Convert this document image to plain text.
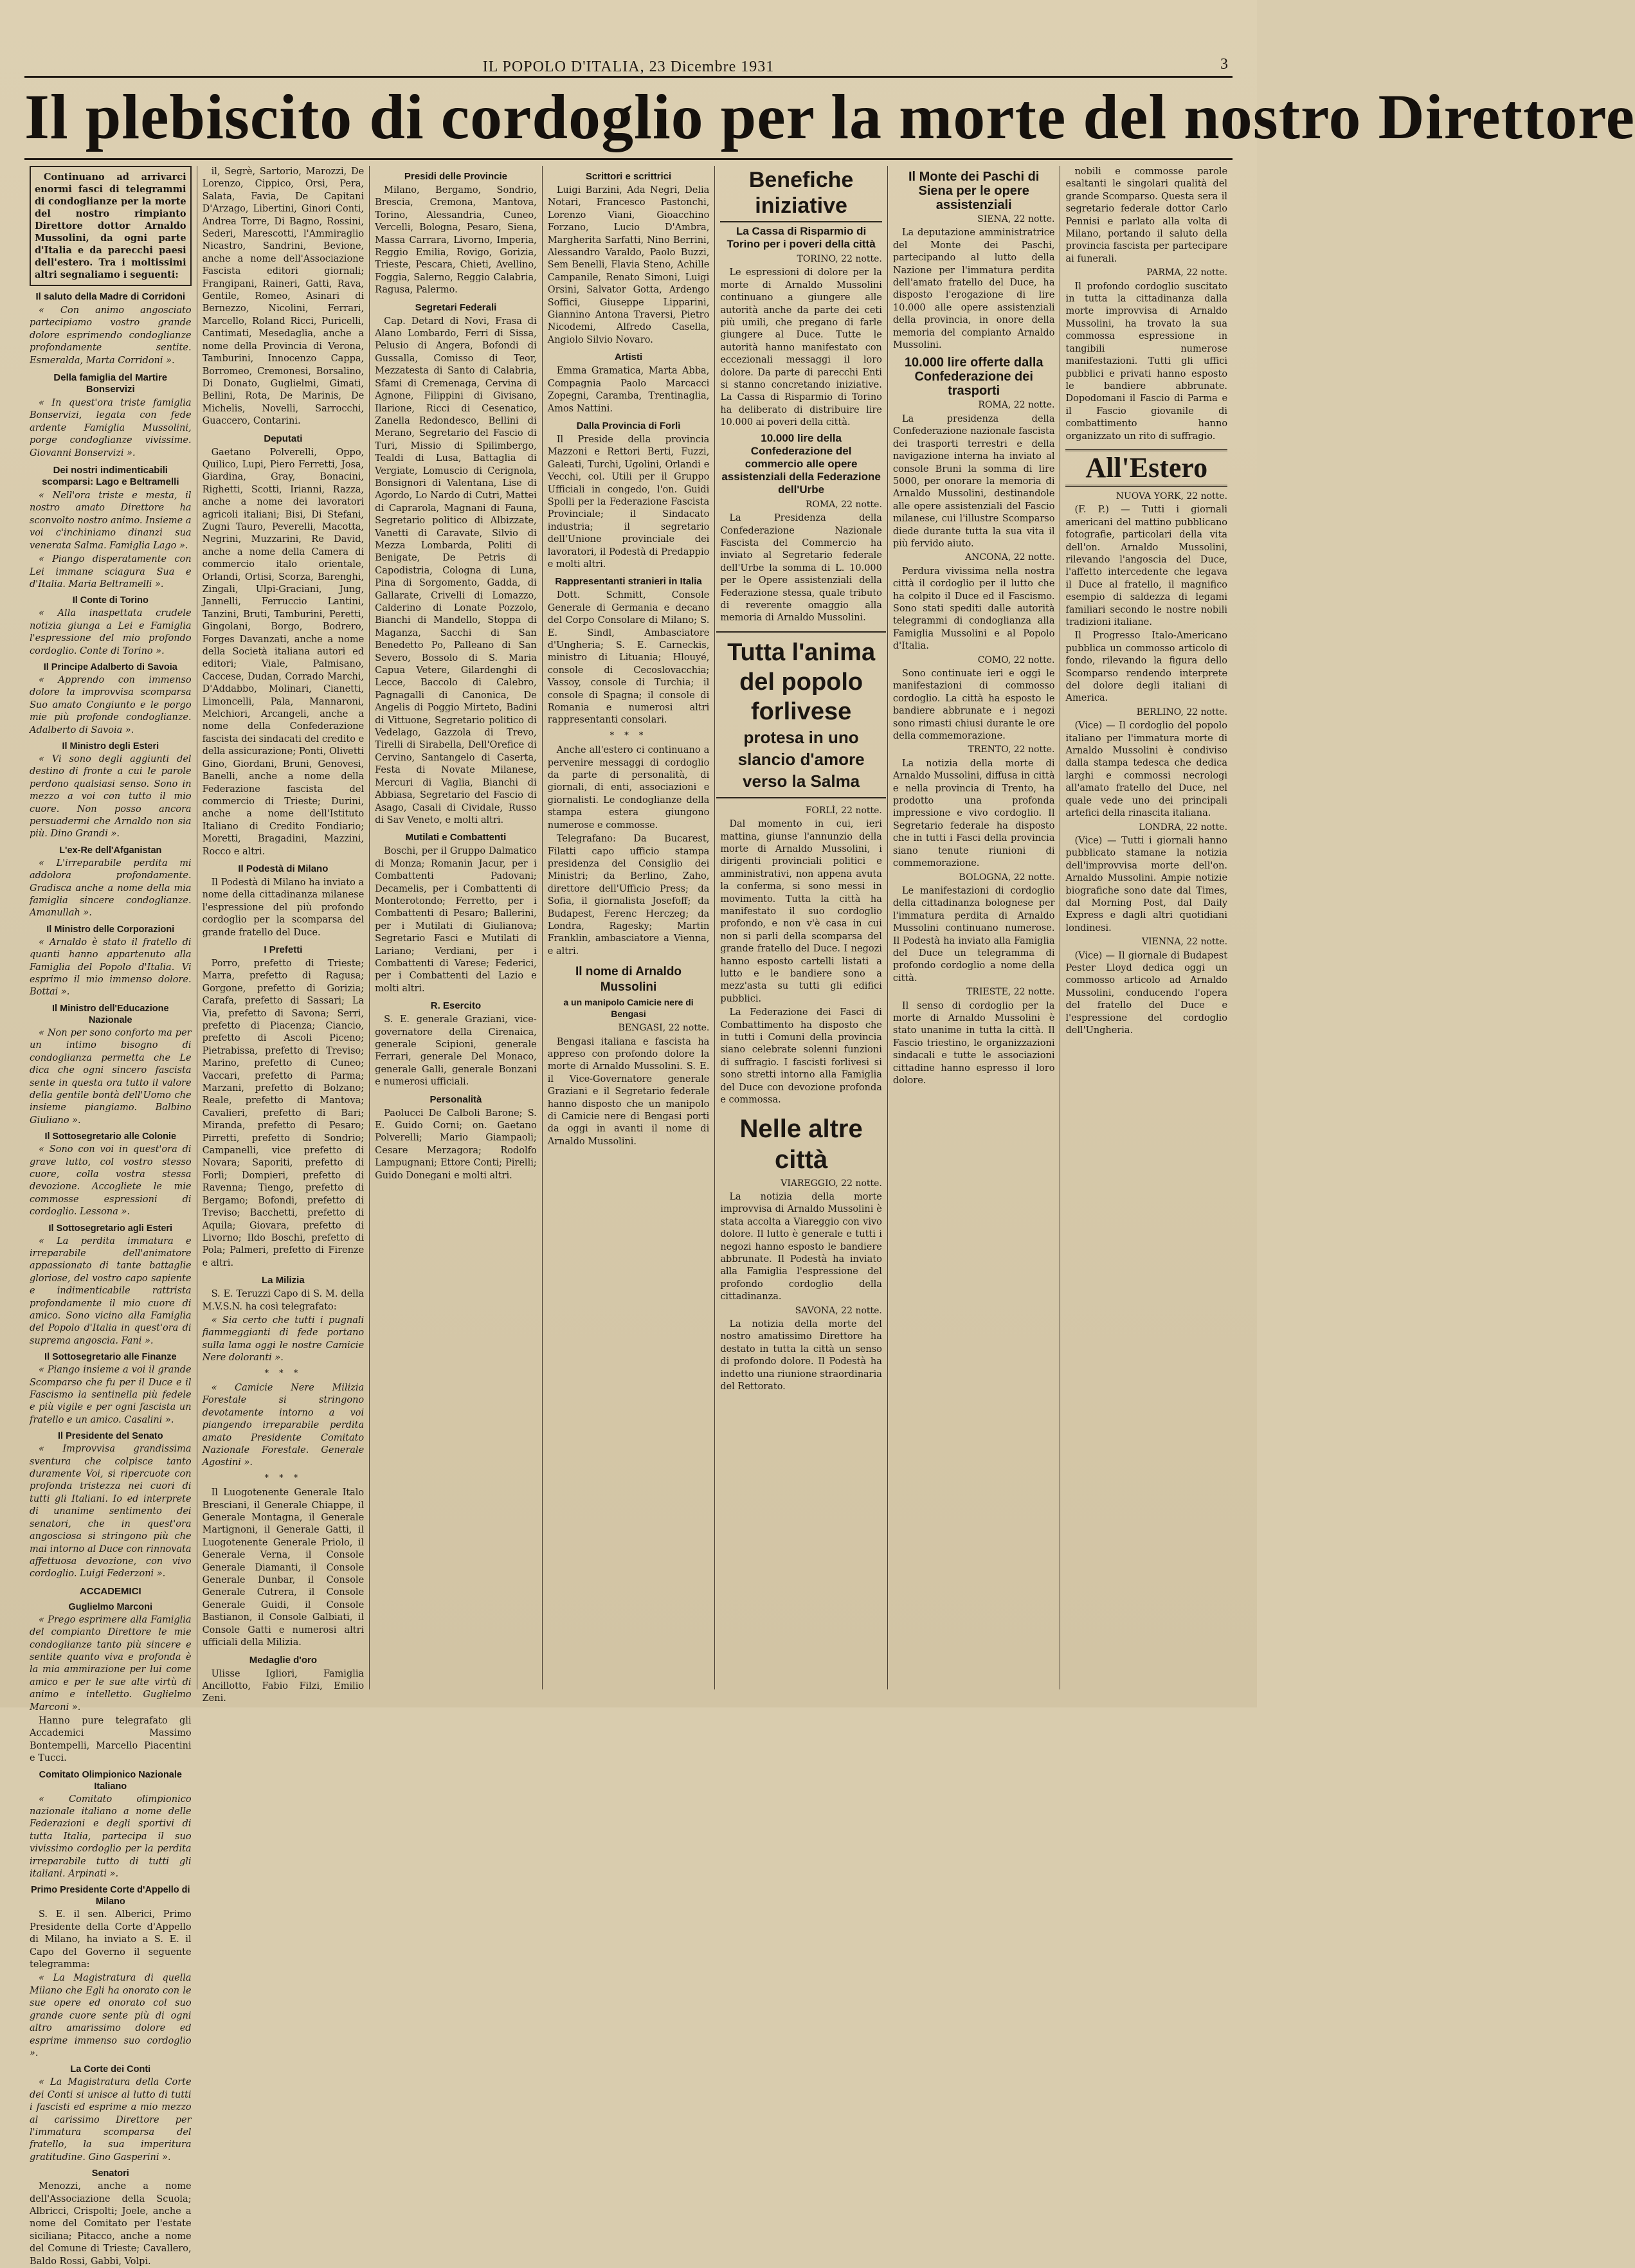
IL POPOLO D'ITALIA, 23 Dicembre 1931	3
Il plebiscito di cordoglio per la morte del nostro Direttore

Continuano ad arrivarci enormi fasci di telegrammi di condoglianze per la morte del nostro rimpianto Direttore dottor Arnaldo Mussolini, da ogni parte d'Italia e da parecchi paesi dell'estero. Tra i moltissimi altri segnaliamo i seguenti:

Il saluto della Madre di Corridoni

« Con animo angosciato partecipiamo vostro grande dolore esprimendo condoglianze profondamente sentite. Esmeralda, Marta Corridoni ».

Della famiglia del Martire Bonservizi

« In quest'ora triste famiglia Bonservizi, legata con fede ardente Famiglia Mussolini, porge condoglianze vivissime. Giovanni Bonservizi ».

Dei nostri indimenticabili scomparsi: Lago e Beltramelli

« Nell'ora triste e mesta, il nostro amato Direttore ha sconvolto nostro animo. Insieme a voi c'inchiniamo dinanzi sua venerata Salma. Famiglia Lago ».

« Piango disperatamente con Lei immane sciagura Sua e d'Italia. Maria Beltramelli ».

Il Conte di Torino

« Alla inaspettata crudele notizia giunga a Lei e Famiglia l'espressione del mio profondo cordoglio. Conte di Torino ».

Il Principe Adalberto di Savoia

« Apprendo con immenso dolore la improvvisa scomparsa Suo amato Congiunto e le porgo mie più profonde condoglianze. Adalberto di Savoia ».

Il Ministro degli Esteri

« Vi sono degli aggiunti del destino di fronte a cui le parole perdono qualsiasi senso. Sono in mezzo a voi con tutto il mio cuore. Non posso ancora persuadermi che Arnaldo non sia più. Dino Grandi ».

L'ex-Re dell'Afganistan

« L'irreparabile perdita mi addolora profondamente. Gradisca anche a nome della mia famiglia sincere condoglianze. Amanullah ».

Il Ministro delle Corporazioni

« Arnaldo è stato il fratello di quanti hanno appartenuto alla Famiglia del Popolo d'Italia. Vi esprimo il mio immenso dolore. Bottai ».

Il Ministro dell'Educazione Nazionale

« Non per sono conforto ma per un intimo bisogno di condoglianza permetta che Le dica che ogni sincero fascista sente in questa ora tutto il valore della gentile bontà dell'Uomo che insieme piangiamo. Balbino Giuliano ».

Il Sottosegretario alle Colonie

« Sono con voi in quest'ora di grave lutto, col vostro stesso cuore, colla vostra stessa devozione. Accogliete le mie commosse espressioni di cordoglio. Lessona ».

Il Sottosegretario agli Esteri

« La perdita immatura e irreparabile dell'animatore appassionato di tante battaglie gloriose, del vostro capo sapiente e indimenticabile rattrista profondamente il mio cuore di amico. Sono vicino alla Famiglia del Popolo d'Italia in quest'ora di suprema angoscia. Fani ».

Il Sottosegretario alle Finanze

« Piango insieme a voi il grande Scomparso che fu per il Duce e il Fascismo la sentinella più fedele e più vigile e per ogni fascista un fratello e un amico. Casalini ».

Il Presidente del Senato

« Improvvisa grandissima sventura che colpisce tanto duramente Voi, si ripercuote con profonda tristezza nei cuori di tutti gli Italiani. Io ed interprete di unanime sentimento dei senatori, che in quest'ora angosciosa si stringono più che mai intorno al Duce con rinnovata affettuosa devozione, con vivo cordoglio. Luigi Federzoni ».

ACCADEMICI
Guglielmo Marconi

« Prego esprimere alla Famiglia del compianto Direttore le mie condoglianze tanto più sincere e sentite quanto viva e profonda è la mia ammirazione per lui come amico e per le sue alte virtù di animo e intelletto. Guglielmo Marconi ».

Hanno pure telegrafato gli Accademici Massimo Bontempelli, Marcello Piacentini e Tucci.

Comitato Olimpionico Nazionale Italiano

« Comitato olimpionico nazionale italiano a nome delle Federazioni e degli sportivi di tutta Italia, partecipa il suo vivissimo cordoglio per la perdita irreparabile tutto di tutti gli italiani. Arpinati ».

Primo Presidente Corte d'Appello di Milano

S. E. il sen. Alberici, Primo Presidente della Corte d'Appello di Milano, ha inviato a S. E. il Capo del Governo il seguente telegramma:

« La Magistratura di quella Milano che Egli ha onorato con le sue opere ed onorato col suo grande cuore sente più di ogni altro amarissimo dolore ed esprime immenso suo cordoglio ».

La Corte dei Conti

« La Magistratura della Corte dei Conti si unisce al lutto di tutti i fascisti ed esprime a mio mezzo al carissimo Direttore per l'immatura scomparsa del fratello, la sua imperitura gratitudine. Gino Gasperini ».

Senatori

Menozzi, anche a nome dell'Associazione della Scuola; Albricci, Crispolti; Joele, anche a nome del Comitato per l'estate siciliana; Pitacco, anche a nome del Comune di Trieste; Cavallero, Baldo Rossi, Gabbi, Volpi.

il, Segrè, Sartorio, Marozzi, De Lorenzo, Cippico, Orsi, Pera, Salata, Favia, De Capitani D'Arzago, Libertini, Ginori Conti, Andrea Torre, Di Bagno, Rossini, Sederi, Marescotti, l'Ammiraglio Nicastro, Sandrini, Bevione, anche a nome dell'Associazione Fascista editori giornali; Frangipani, Raineri, Gatti, Rava, Gentile, Romeo, Asinari di Bernezzo, Nicolini, Ferrari, Marcello, Roland Ricci, Puricelli, Cantimati, Mesedaglia, anche a nome della Provincia di Verona, Tamburini, Innocenzo Cappa, Borromeo, Cremonesi, Borsalino, Di Donato, Guglielmi, Gimati, Bellini, Rota, De Marinis, De Michelis, Novelli, Sarrocchi, Guaccero, Contarini.

Deputati

Gaetano Polverelli, Oppo, Quilico, Lupi, Piero Ferretti, Josa, Giardina, Gray, Bonacini, Righetti, Scotti, Irianni, Razza, anche a nome dei lavoratori agricoli italiani; Bisi, Di Stefani, Zugni Tauro, Peverelli, Macotta, Negrini, Muzzarini, Re David, anche a nome della Camera di commercio italo orientale, Orlandi, Ortisi, Scorza, Barenghi, Zingali, Ulpi-Graciani, Jung, Jannelli, Ferruccio Lantini, Tanzini, Bruti, Tamburini, Peretti, Gingolani, Borgo, Bodrero, Forges Davanzati, anche a nome della Società italiana autori ed editori; Viale, Palmisano, Caccese, Dudan, Corrado Marchi, D'Addabbo, Molinari, Cianetti, Limoncelli, Pala, Mannaroni, Melchiori, Arcangeli, anche a nome della Confederazione fascista dei sindacati del credito e della assicurazione; Ponti, Olivetti Gino, Giordani, Bruni, Genovesi, Banelli, anche a nome della Federazione fascista del commercio di Trieste; Durini, anche a nome dell'Istituto Italiano di Credito Fondiario; Moretti, Bragadini, Mazzini, Rocco e altri.

Il Podestà di Milano

Il Podestà di Milano ha inviato a nome della cittadinanza milanese l'espressione del più profondo cordoglio per la scomparsa del grande fratello del Duce.

I Prefetti

Porro, prefetto di Trieste; Marra, prefetto di Ragusa; Gorgone, prefetto di Gorizia; Carafa, prefetto di Sassari; La Via, prefetto di Savona; Serri, prefetto di Piacenza; Ciancio, prefetto di Ascoli Piceno; Pietrabissa, prefetto di Treviso; Marino, prefetto di Cuneo; Vaccari, prefetto di Parma; Marzani, prefetto di Bolzano; Reale, prefetto di Mantova; Cavalieri, prefetto di Bari; Miranda, prefetto di Pesaro; Pirretti, prefetto di Sondrio; Campanelli, vice prefetto di Novara; Saporiti, prefetto di Forlì; Dompieri, prefetto di Ravenna; Tiengo, prefetto di Bergamo; Bofondi, prefetto di Treviso; Bacchetti, prefetto di Aquila; Giovara, prefetto di Livorno; Ildo Boschi, prefetto di Pola; Palmeri, prefetto di Firenze e altri.

La Milizia

S. E. Teruzzi Capo di S. M. della M.V.S.N. ha così telegrafato:

« Sia certo che tutti i pugnali fiammeggianti di fede portano sulla lama oggi le nostre Camicie Nere doloranti ».

* * *

« Camicie Nere Milizia Forestale si stringono devotamente intorno a voi piangendo irreparabile perdita amato Presidente Comitato Nazionale Forestale. Generale Agostini ».

* * *

Il Luogotenente Generale Italo Bresciani, il Generale Chiappe, il Generale Montagna, il Generale Martignoni, il Generale Gatti, il Luogotenente Generale Priolo, il Generale Verna, il Console Generale Diamanti, il Console Generale Dunbar, il Console Generale Cutrera, il Console Generale Guidi, il Console Bastianon, il Console Galbiati, il Console Gatti e numerosi altri ufficiali della Milizia.

Medaglie d'oro

Ulisse Igliori, Famiglia Ancillotto, Fabio Filzi, Emilio Zeni.

Presidi delle Provincie

Milano, Bergamo, Sondrio, Brescia, Cremona, Mantova, Torino, Alessandria, Cuneo, Vercelli, Bologna, Pesaro, Siena, Massa Carrara, Livorno, Imperia, Reggio Emilia, Rovigo, Gorizia, Trieste, Pescara, Chieti, Avellino, Foggia, Salerno, Reggio Calabria, Ragusa, Palermo.

Segretari Federali

Cap. Detard di Novi, Frasa di Alano Lombardo, Ferri di Sissa, Pelusio di Angera, Bofondi di Gussalla, Comisso di Teor, Mezzatesta di Santo di Calabria, Sfami di Cremenaga, Cervina di Agnone, Filippini di Givisano, Ilarione, Ricci di Cesenatico, Zanella Redondesco, Bellini di Merano, Segretario del Fascio di Turi, Missio di Spilimbergo, Tealdi di Lusa, Battaglia di Vergiate, Lomuscio di Cerignola, Bonsignori di Valentana, Lise di Agordo, Lo Nardo di Cutri, Mattei di Caprarola, Magnani di Fauna, Segretario politico di Albizzate, Vanetti di Caravate, Silvio di Mezza Lombarda, Politi di Benigate, De Petris di Capodistria, Cologna di Luna, Pina di Sorgomento, Gadda, di Gallarate, Crivelli di Lomazzo, Calderino di Lonate Pozzolo, Bianchi di Mandello, Stoppa di Maganza, Sacchi di San Benedetto Po, Palleano di San Severo, Bossolo di S. Maria Capua Vetere, Gilardenghi di Lecce, Baccolo di Calebro, Pagnagalli di Canonica, De Angelis di Poggio Mirteto, Badini di Vittuone, Segretario politico di Vedelago, Gazzola di Trevo, Tirelli di Sirabella, Dell'Orefice di Cervino, Santangelo di Caserta, Festa di Novate Milanese, Mercuri di Vaglia, Bianchi di Abbiasa, Segretario del Fascio di Asago, Casali di Cividale, Russo di Sav Veneto, e molti altri.

Mutilati e Combattenti

Boschi, per il Gruppo Dalmatico di Monza; Romanin Jacur, per i Combattenti Padovani; Decamelis, per i Combattenti di Monterotondo; Ferretto, per i Combattenti di Pesaro; Ballerini, per i Mutilati di Giulianova; Segretario Fasci e Mutilati di Lariano; Verdiani, per i Combattenti di Varese; Federici, per i Combattenti del Lazio e molti altri.

R. Esercito

S. E. generale Graziani, vice-governatore della Cirenaica, generale Scipioni, generale Ferrari, generale Del Monaco, generale Galli, generale Bonzani e numerosi ufficiali.

Personalità

Paolucci De Calboli Barone; S. E. Guido Corni; on. Gaetano Polverelli; Mario Giampaoli; Cesare Merzagora; Rodolfo Lampugnani; Ettore Conti; Pirelli; Guido Donegani e molti altri.

Scrittori e scrittrici

Luigi Barzini, Ada Negri, Delia Notari, Francesco Pastonchi, Lorenzo Viani, Gioacchino Forzano, Lucio D'Ambra, Margherita Sarfatti, Nino Berrini, Alessandro Varaldo, Paolo Buzzi, Sem Benelli, Flavia Steno, Achille Campanile, Renato Simoni, Luigi Orsini, Salvator Gotta, Ardengo Soffici, Giuseppe Lipparini, Giannino Antona Traversi, Pietro Nicodemi, Alfredo Casella, Angiolo Silvio Novaro.

Artisti

Emma Gramatica, Marta Abba, Compagnia Paolo Marcacci Zopegni, Caramba, Trentinaglia, Amos Nattini.

Dalla Provincia di Forlì

Il Preside della provincia Mazzoni e Rettori Berti, Fuzzi, Galeati, Turchi, Ugolini, Orlandi e Vecchi, col. Utili per il Gruppo Ufficiali in congedo, l'on. Guidi Spolli per la Federazione Fascista Provinciale; il Sindacato industria; il segretario dell'Unione provinciale dei lavoratori, il Podestà di Predappio e molti altri.

Rappresentanti stranieri in Italia

Dott. Schmitt, Console Generale di Germania e decano del Corpo Consolare di Milano; S. E. Sindl, Ambasciatore d'Ungheria; S. E. Carneckis, ministro di Lituania; Hlouyé, console di Cecoslovacchia; Vassoy, console di Turchia; il console di Spagna; il console di Romania e numerosi altri rappresentanti consolari.

* * *

Anche all'estero ci continuano a pervenire messaggi di cordoglio da parte di personalità, di giornali, di enti, associazioni e giornalisti. Le condoglianze della stampa estera giungono numerose e commosse.

Telegrafano: Da Bucarest, Filatti capo ufficio stampa presidenza del Consiglio dei Ministri; da Berlino, Zaho, direttore dell'Ufficio Press; da Sofia, il giornalista Josefoff; da Budapest, Ferenc Herczeg; da Londra, Ragesky; Martin Franklin, ambasciatore a Vienna, e altri.

Il nome di Arnaldo Mussolini
a un manipolo Camicie nere di Bengasi
BENGASI, 22 notte.

Bengasi italiana e fascista ha appreso con profondo dolore la morte di Arnaldo Mussolini. S. E. il Vice-Governatore generale Graziani e il Segretario federale hanno disposto che un manipolo di Camicie nere di Bengasi porti da oggi in avanti il nome di Arnaldo Mussolini.

Benefiche iniziative
La Cassa di Risparmio di Torino per i poveri della città
TORINO, 22 notte.

Le espressioni di dolore per la morte di Arnaldo Mussolini continuano a giungere alle autorità anche da parte dei ceti più umili, che pregano di farle giungere al Duce. Tutte le autorità hanno manifestato con eccezionali messaggi il loro dolore. Da parte di parecchi Enti si stanno concretando iniziative. La Cassa di Risparmio di Torino ha deliberato di distribuire lire 10.000 ai poveri della città.

10.000 lire della Confederazione del commercio alle opere assistenziali della Federazione dell'Urbe
ROMA, 22 notte.

La Presidenza della Confederazione Nazionale Fascista del Commercio ha inviato al Segretario federale dell'Urbe la somma di L. 10.000 per le Opere assistenziali della Federazione stessa, quale tributo di reverente omaggio alla memoria di Arnaldo Mussolini.

Tutta l'anima del popolo forlivese
protesa in uno slancio d'amore verso la Salma
FORLÌ, 22 notte.

Dal momento in cui, ieri mattina, giunse l'annunzio della morte di Arnaldo Mussolini, i dirigenti provinciali politici e amministrativi, non appena avuta la conferma, si sono messi in movimento. Tutta la città ha manifestato il suo cordoglio profondo, e non v'è casa in cui non si parli della scomparsa del grande fratello del Duce. I negozi hanno esposto cartelli listati a lutto e le bandiere sono a mezz'asta su tutti gli edifici pubblici.

La Federazione dei Fasci di Combattimento ha disposto che in tutti i Comuni della provincia siano celebrate solenni funzioni di suffragio. I fascisti forlivesi si sono stretti intorno alla Famiglia del Duce con devozione profonda e commossa.

Nelle altre città
VIAREGGIO, 22 notte.

La notizia della morte improvvisa di Arnaldo Mussolini è stata accolta a Viareggio con vivo dolore. Il lutto è generale e tutti i negozi hanno esposto le bandiere abbrunate. Il Podestà ha inviato alla Famiglia l'espressione del profondo cordoglio della cittadinanza.

SAVONA, 22 notte.

La notizia della morte del nostro amatissimo Direttore ha destato in tutta la città un senso di profondo dolore. Il Podestà ha indetto una riunione straordinaria del Rettorato.

Il Monte dei Paschi di Siena per le opere assistenziali
SIENA, 22 notte.

La deputazione amministratrice del Monte dei Paschi, partecipando al lutto della Nazione per l'immatura perdita dell'amato fratello del Duce, ha disposto l'erogazione di lire 10.000 alle opere assistenziali della provincia, in onore della memoria del compianto Arnaldo Mussolini.

10.000 lire offerte dalla Confederazione dei trasporti
ROMA, 22 notte.

La presidenza della Confederazione nazionale fascista dei trasporti terrestri e della navigazione interna ha inviato al console Bruni la somma di lire 5000, per onorare la memoria di Arnaldo Mussolini, destinandole alle opere assistenziali del Fascio milanese, cui l'illustre Scomparso diede durante tutta la sua vita il più fervido aiuto.

ANCONA, 22 notte.

Perdura vivissima nella nostra città il cordoglio per il lutto che ha colpito il Duce ed il Fascismo. Sono stati spediti dalle autorità telegrammi di condoglianza alla Famiglia Mussolini e al Popolo d'Italia.

COMO, 22 notte.

Sono continuate ieri e oggi le manifestazioni di commosso cordoglio. La città ha esposto le bandiere abbrunate e i negozi sono rimasti chiusi durante le ore della commemorazione.

TRENTO, 22 notte.

La notizia della morte di Arnaldo Mussolini, diffusa in città e nella provincia di Trento, ha prodotto una profonda impressione e vivo cordoglio. Il Segretario federale ha disposto che in tutti i Fasci della provincia siano tenute riunioni di commemorazione.

BOLOGNA, 22 notte.

Le manifestazioni di cordoglio della cittadinanza bolognese per l'immatura perdita di Arnaldo Mussolini continuano numerose. Il Podestà ha inviato alla Famiglia del Duce un telegramma di profondo cordoglio a nome della città.

TRIESTE, 22 notte.

Il senso di cordoglio per la morte di Arnaldo Mussolini è stato unanime in tutta la città. Il Fascio triestino, le organizzazioni sindacali e tutte le associazioni cittadine hanno espresso il loro dolore.

nobili e commosse parole esaltanti le singolari qualità del grande Scomparso. Questa sera il segretario federale dottor Carlo Pennisi e parlato alla volta di Milano, portando il saluto della provincia fascista per partecipare ai funerali.

PARMA, 22 notte.

Il profondo cordoglio suscitato in tutta la cittadinanza dalla morte improvvisa di Arnaldo Mussolini, ha trovato la sua commossa espressione in tangibili numerose manifestazioni. Tutti gli uffici pubblici e privati hanno esposto le bandiere abbrunate. Dopodomani il Fascio di Parma e il Fascio giovanile di combattimento hanno organizzato un rito di suffragio.

All'Estero
NUOVA YORK, 22 notte.

(F. P.) — Tutti i giornali americani del mattino pubblicano fotografie, particolari della vita dell'on. Arnaldo Mussolini, rilevando l'angoscia del Duce, l'affetto intercedente che legava il Duce al fratello, il magnifico esempio di saldezza di legami familiari secondo le nostre nobili tradizioni italiane.

Il Progresso Italo-Americano pubblica un commosso articolo di fondo, rilevando la figura dello Scomparso rendendo interprete del dolore degli italiani di America.

BERLINO, 22 notte.

(Vice) — Il cordoglio del popolo italiano per l'immatura morte di Arnaldo Mussolini è condiviso dalla stampa tedesca che dedica larghi e commossi necrologi all'amato fratello del Duce, nel quale vede uno dei principali artefici della rinascita italiana.

LONDRA, 22 notte.

(Vice) — Tutti i giornali hanno pubblicato stamane la notizia dell'improvvisa morte dell'on. Arnaldo Mussolini. Ampie notizie biografiche sono date dal Times, dal Morning Post, dal Daily Express e dagli altri quotidiani londinesi.

VIENNA, 22 notte.

(Vice) — Il giornale di Budapest Pester Lloyd dedica oggi un commosso articolo ad Arnaldo Mussolini, conducendo l'opera del fratello del Duce e l'espressione del cordoglio dell'Ungheria.
